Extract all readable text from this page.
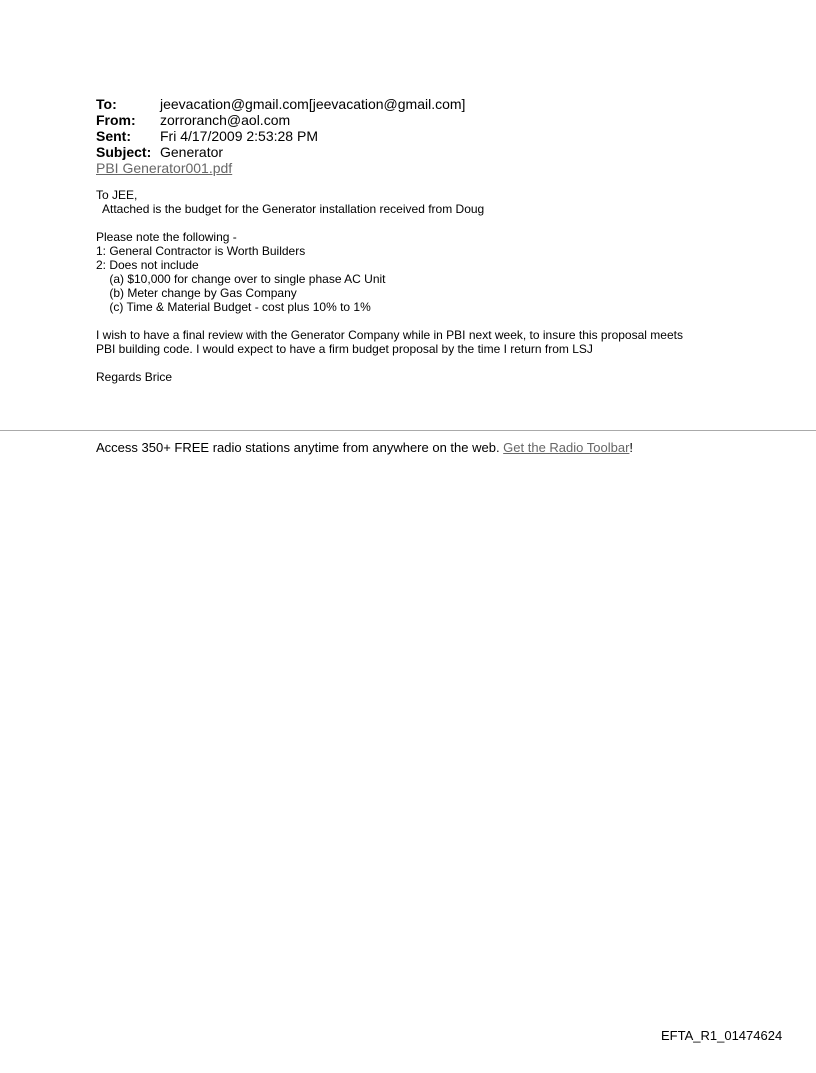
To:	jeevacation@gmail.com[jeevacation@gmail.com]
From:	zorroranch@aol.com
Sent:	Fri 4/17/2009 2:53:28 PM
Subject: Generator
PBI Generator001.pdf
To JEE,
Attached is the budget for the Generator installation received from Doug
Please note the following -
1: General Contractor is Worth Builders
2: Does not include
(a) $10,000 for change over to single phase AC Unit
(b) Meter change by Gas Company
(c) Time & Material Budget - cost plus 10% to 1%
I wish to have a final review with the Generator Company while in PBI next week, to insure this proposal meets
PBI building code. I would expect to have a firm budget proposal by the time I return from LSJ
Regards Brice
Access 350+ FREE radio stations anytime from anywhere on the web. Get the Radio Toolbar!
EFTA_R1_01474624
